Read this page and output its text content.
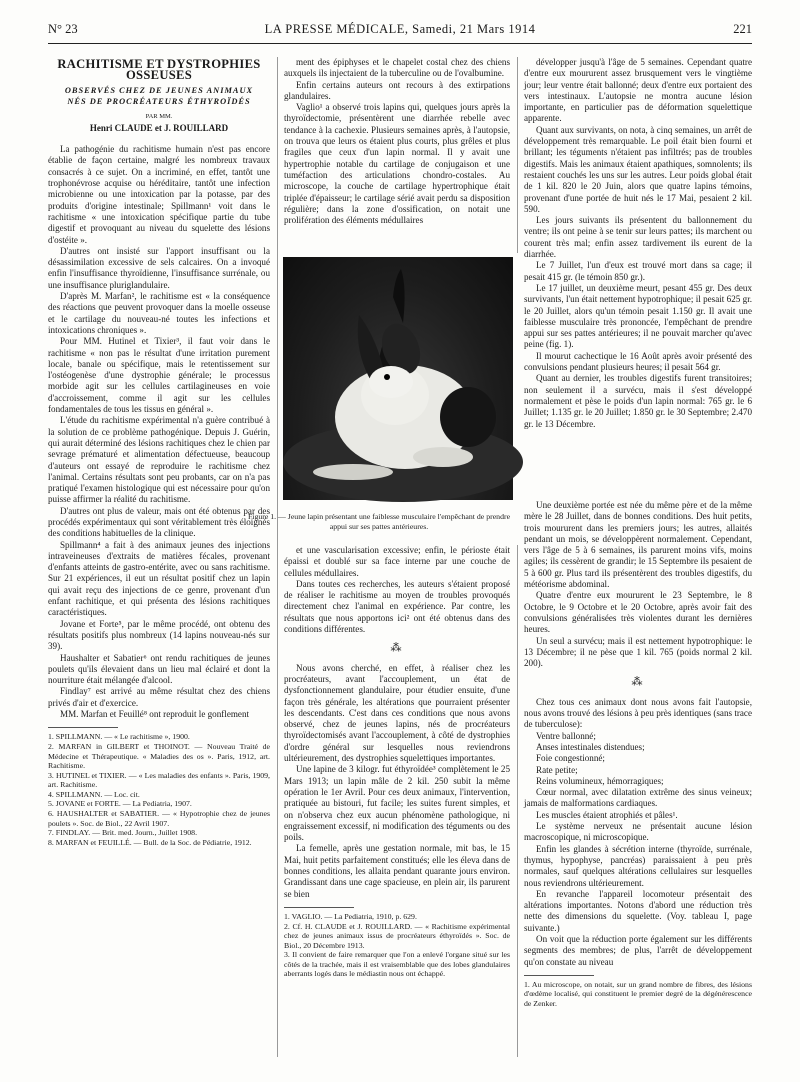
N° 23	LA PRESSE MÉDICALE, Samedi, 21 Mars 1914	221
RACHITISME ET DYSTROPHIES OSSEUSES
OBSERVÉS CHEZ DE JEUNES ANIMAUX
NÉS DE PROCRÉATEURS ÉTHYROÏDÉS
PAR MM.
Henri CLAUDE et J. ROUILLARD

La pathogénie du rachitisme humain n'est pas encore établie de façon certaine, malgré les nombreux travaux consacrés à ce sujet. On a incriminé, en effet, tantôt une trophonévrose acquise ou héréditaire, tantôt une infection microbienne ou une intoxication par la potasse, par des produits d'origine intestinale; Spillmann¹ voit dans le rachitisme « une intoxication spécifique partie du tube digestif et provoquant au niveau du squelette des lésions d'ostéite ».

D'autres ont insisté sur l'apport insuffisant ou la désassimilation excessive de sels calcaires. On a invoqué enfin l'insuffisance thyroïdienne, l'insuffisance surrénale, ou une insuffisance pluriglandulaire.

D'après M. Marfan², le rachitisme est « la conséquence des réactions que peuvent provoquer dans la moelle osseuse et le cartilage du nouveau-né toutes les infections et intoxications chroniques ».

Pour MM. Hutinel et Tixier³, il faut voir dans le rachitisme « non pas le résultat d'une irritation purement locale, banale ou spécifique, mais le retentissement sur l'ostéogenèse d'une dystrophie générale; le processus morbide agit sur les cellules cartilagineuses en voie d'accroissement, comme il agit sur les cellules fondamentales de tous les tissus en général ».

L'étude du rachitisme expérimental n'a guère contribué à la solution de ce problème pathogénique. Depuis J. Guérin, qui aurait déterminé des lésions rachitiques chez le chien par sevrage prématuré et alimentation défectueuse, beaucoup d'auteurs ont essayé de reproduire le rachitisme chez l'animal. Certains résultats sont peu probants, car on n'a pas pratiqué l'examen histologique qui est nécessaire pour qu'on puisse affirmer la réalité du rachitisme.

D'autres ont plus de valeur, mais ont été obtenus par des procédés expérimentaux qui sont véritablement très éloignés des conditions habituelles de la clinique.

Spillmann⁴ a fait à des animaux jeunes des injections intraveineuses d'extraits de matières fécales, provenant d'enfants atteints de gastro-entérite, avec ou sans rachitisme. Sur 21 expériences, il eut un résultat positif chez un lapin qui avait reçu des injections de ce genre, provenant d'un enfant rachitique, et qui présenta des lésions rachitiques caractéristiques.

Jovane et Forte⁵, par le même procédé, ont obtenu des résultats positifs plus nombreux (14 lapins nouveau-nés sur 39).

Haushalter et Sabatier⁶ ont rendu rachitiques de jeunes poulets qu'ils élevaient dans un lieu mal éclairé et dont la nourriture était mélangée d'alcool.

Findlay⁷ est arrivé au même résultat chez des chiens privés d'air et d'exercice.

MM. Marfan et Feuillé⁸ ont reproduit le gonflement

1. SPILLMANN. — « Le rachitisme », 1900.

2. MARFAN in GILBERT et THOINOT. — Nouveau Traité de Médecine et Thérapeutique. « Maladies des os ». Paris, 1912, art. Rachitisme.

3. HUTINEL et TIXIER. — « Les maladies des enfants ». Paris, 1909, art. Rachitisme.

4. SPILLMANN. — Loc. cit.

5. JOVANE et FORTE. — La Pediatria, 1907.

6. HAUSHALTER et SABATIER. — « Hypotrophie chez de jeunes poulets ». Soc. de Biol., 22 Avril 1907.

7. FINDLAY. — Brit. med. Journ., Juillet 1908.

8. MARFAN et FEUILLÉ. — Bull. de la Soc. de Pédiatrie, 1912.

ment des épiphyses et le chapelet costal chez des chiens auxquels ils injectaient de la tuberculine ou de l'ovalbumine.

Enfin certains auteurs ont recours à des extirpations glandulaires.

Vaglio¹ a observé trois lapins qui, quelques jours après la thyroïdectomie, présentèrent une diarrhée rebelle avec tendance à la cachexie. Plusieurs semaines après, à l'autopsie, on trouva que leurs os étaient plus courts, plus grêles et plus fragiles que ceux d'un lapin normal. Il y avait une hypertrophie notable du cartilage de conjugaison et une tuméfaction des articulations chondro-costales. Au microscope, la couche de cartilage hypertrophique était triplée d'épaisseur; le cartilage sérié avait perdu sa disposition régulière; dans la zone d'ossification, on notait une prolifération des éléments médullaires

Figure 1. — Jeune lapin présentant une faiblesse musculaire l'empêchant de prendre appui sur ses pattes antérieures.

et une vascularisation excessive; enfin, le périoste était épaissi et doublé sur sa face interne par une couche de cellules médullaires.

Dans toutes ces recherches, les auteurs s'étaient proposé de réaliser le rachitisme au moyen de troubles provoqués directement chez l'animal en expérience. Par contre, les résultats que nous apportons ici² ont été obtenus dans des conditions différentes.

⁂

Nous avons cherché, en effet, à réaliser chez les procréateurs, avant l'accouplement, un état de dysfonctionnement glandulaire, pour étudier ensuite, d'une façon très générale, les altérations que pourraient présenter les descendants. C'est dans ces conditions que nous avons observé, chez de jeunes lapins, nés de procréateurs thyroïdectomisés avant l'accouplement, à côté de dystrophies d'ordre général sur lesquelles nous reviendrons ultérieurement, des dystrophies squelettiques importantes.

Une lapine de 3 kilogr. fut éthyroïdée³ complètement le 25 Mars 1913; un lapin mâle de 2 kil. 250 subit la même opération le 1er Avril. Pour ces deux animaux, l'intervention, pratiquée au bistouri, fut facile; les suites furent simples, et on n'observa chez eux aucun phénomène pathologique, ni engraissement excessif, ni modification des téguments ou des poils.

La femelle, après une gestation normale, mit bas, le 15 Mai, huit petits parfaitement constitués; elle les éleva dans de bonnes conditions, les allaita pendant quarante jours environ. Grandissant dans une cage spacieuse, en plein air, ils parurent se bien

1. VAGLIO. — La Pediatria, 1910, p. 629.

2. Cf. H. CLAUDE et J. ROUILLARD. — « Rachitisme expérimental chez de jeunes animaux issus de procréateurs éthyroïdés ». Soc. de Biol., 20 Décembre 1913.

3. Il convient de faire remarquer que l'on a enlevé l'organe situé sur les côtés de la trachée, mais il est vraisemblable que des lobes glandulaires aberrants logés dans le médiastin nous ont échappé.

développer jusqu'à l'âge de 5 semaines. Cependant quatre d'entre eux moururent assez brusquement vers le vingtième jour; leur ventre était ballonné; deux d'entre eux portaient des vers intestinaux. L'autopsie ne montra aucune lésion importante, en particulier pas de déformation squelettique apparente.

Quant aux survivants, on nota, à cinq semaines, un arrêt de développement très remarquable. Le poil était bien fourni et brillant; les téguments n'étaient pas infiltrés; pas de troubles digestifs. Mais les animaux étaient apathiques, somnolents; ils restaient couchés les uns sur les autres. Leur poids global était de 1 kil. 820 le 20 Juin, alors que quatre lapins témoins, provenant d'une portée de huit nés le 17 Mai, pesaient 2 kil. 590.

Les jours suivants ils présentent du ballonnement du ventre; ils ont peine à se tenir sur leurs pattes; ils marchent ou courent très mal; enfin assez tardivement ils eurent de la diarrhée.

Le 7 Juillet, l'un d'eux est trouvé mort dans sa cage; il pesait 415 gr. (le témoin 850 gr.).

Le 17 juillet, un deuxième meurt, pesant 455 gr. Des deux survivants, l'un était nettement hypotrophique; il pesait 625 gr. le 20 Juillet, alors qu'un témoin pesait 1.150 gr. Il avait une faiblesse musculaire très prononcée, l'empêchant de prendre appui sur ses pattes antérieures; il ne pouvait marcher qu'avec peine (fig. 1).

Il mourut cachectique le 16 Août après avoir présenté des convulsions pendant plusieurs heures; il pesait 564 gr.

Quant au dernier, les troubles digestifs furent transitoires; non seulement il a survécu, mais il s'est développé normalement et pèse le poids d'un lapin normal: 765 gr. le 6 Juillet; 1.135 gr. le 20 Juillet; 1.850 gr. le 30 Septembre; 2.470 gr. le 13 Décembre.

Une deuxième portée est née du même père et de la même mère le 28 Juillet, dans de bonnes conditions. Des huit petits, trois moururent dans les premiers jours; les autres, allaités pendant un mois, se développèrent normalement. Cependant, vers l'âge de 5 à 6 semaines, ils parurent moins vifs, moins agiles; ils cessèrent de grandir; le 15 Septembre ils pesaient de 5 à 600 gr. Plus tard ils présentèrent des troubles digestifs, du météorisme abdominal.

Quatre d'entre eux moururent le 23 Septembre, le 8 Octobre, le 9 Octobre et le 20 Octobre, après avoir fait des convulsions généralisées très violentes durant les dernières heures.

Un seul a survécu; mais il est nettement hypotrophique: le 13 Décembre; il ne pèse que 1 kil. 765 (poids normal 2 kil. 200).

⁂

Chez tous ces animaux dont nous avons fait l'autopsie, nous avons trouvé des lésions à peu près identiques (sans trace de tuberculose):

Ventre ballonné;

Anses intestinales distendues;

Foie congestionné;

Rate petite;

Reins volumineux, hémorragiques;

Cœur normal, avec dilatation extrême des sinus veineux; jamais de malformations cardiaques.

Les muscles étaient atrophiés et pâles¹.

Le système nerveux ne présentait aucune lésion macroscopique, ni microscopique.

Enfin les glandes à sécrétion interne (thyroïde, surrénale, thymus, hypophyse, pancréas) paraissaient à peu près normales, sauf quelques altérations cellulaires sur lesquelles nous reviendrons ultérieurement.

En revanche l'appareil locomoteur présentait des altérations importantes. Notons d'abord une réduction très nette des dimensions du squelette. (Voy. tableau I, page suivante.)

On voit que la réduction porte également sur les différents segments des membres; de plus, l'arrêt de développement qu'on constate au niveau

1. Au microscope, on notait, sur un grand nombre de fibres, des lésions d'œdème localisé, qui constituent le premier degré de la dégénérescence de Zenker.
